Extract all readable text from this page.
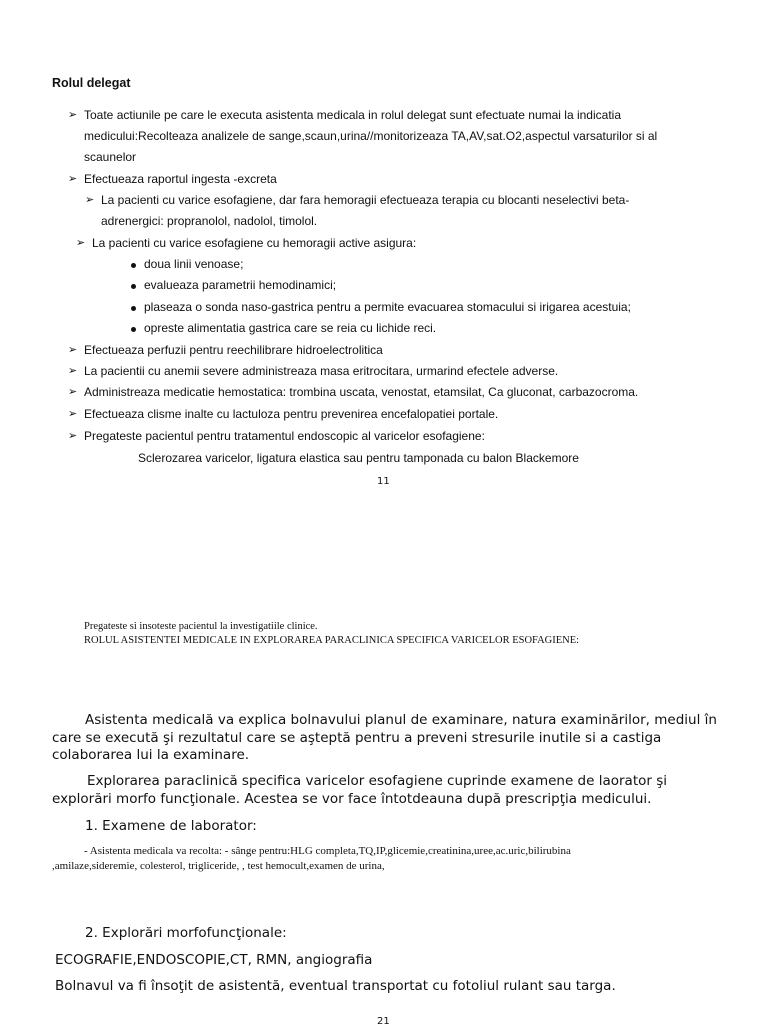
Rolul delegat
➢ Toate actiunile pe care le executa asistenta medicala in rolul delegat sunt efectuate numai la indicatia
medicului:Recolteaza analizele de sange,scaun,urina//monitorizeaza TA,AV,sat.O2,aspectul varsaturilor si al
scaunelor
➢ Efectueaza raportul ingesta -excreta
➢ La pacienti cu varice esofagiene, dar fara hemoragii efectueaza terapia cu blocanti neselectivi beta-
adrenergici: propranolol, nadolol, timolol.
➢ La pacienti cu varice esofagiene cu hemoragii active asigura:
doua linii venoase;
evalueaza parametrii hemodinamici;
plaseaza o sonda naso-gastrica pentru a permite evacuarea stomacului si irigarea acestuia;
opreste alimentatia gastrica care se reia cu lichide reci.
➢ Efectueaza perfuzii pentru reechilibrare hidroelectrolitica
➢ La pacientii cu anemii severe administreaza masa eritrocitara, urmarind efectele adverse.
➢ Administreaza medicatie hemostatica: trombina uscata, venostat, etamsilat, Ca gluconat, carbazocroma.
➢ Efectueaza clisme inalte cu lactuloza pentru prevenirea encefalopatiei portale.
➢ Pregateste pacientul pentru tratamentul endoscopic al varicelor esofagiene:
Sclerozarea varicelor, ligatura elastica sau pentru tamponada cu balon Blackemore
11
Pregateste si insoteste pacientul la investigatiile clinice.
ROLUL ASISTENTEI MEDICALE IN EXPLORAREA PARACLINICA SPECIFICA VARICELOR ESOFAGIENE:
Asistenta medicală va explica bolnavului planul de examinare, natura examinărilor, mediul în care se execută şi rezultatul care se aşteptă pentru a preveni stresurile inutile si a castiga colaborarea lui la examinare.
Explorarea paraclinică specifica varicelor esofagiene cuprinde examene de laorator şi explorări morfo funcţionale. Acestea se vor face întotdeauna după prescripţia medicului.
1. Examene de laborator:
- Asistenta medicala va recolta: - sânge pentru:HLG completa,TQ,IP,glicemie,creatinina,uree,ac.uric,bilirubina
,amilaze,sideremie, colesterol, trigliceride, , test hemocult,examen de urina,
2. Explorări morfofuncţionale:
ECOGRAFIE,ENDOSCOPIE,CT, RMN, angiografia
Bolnavul va fi însoţit de asistentă, eventual transportat cu fotoliul rulant sau targa.
21
